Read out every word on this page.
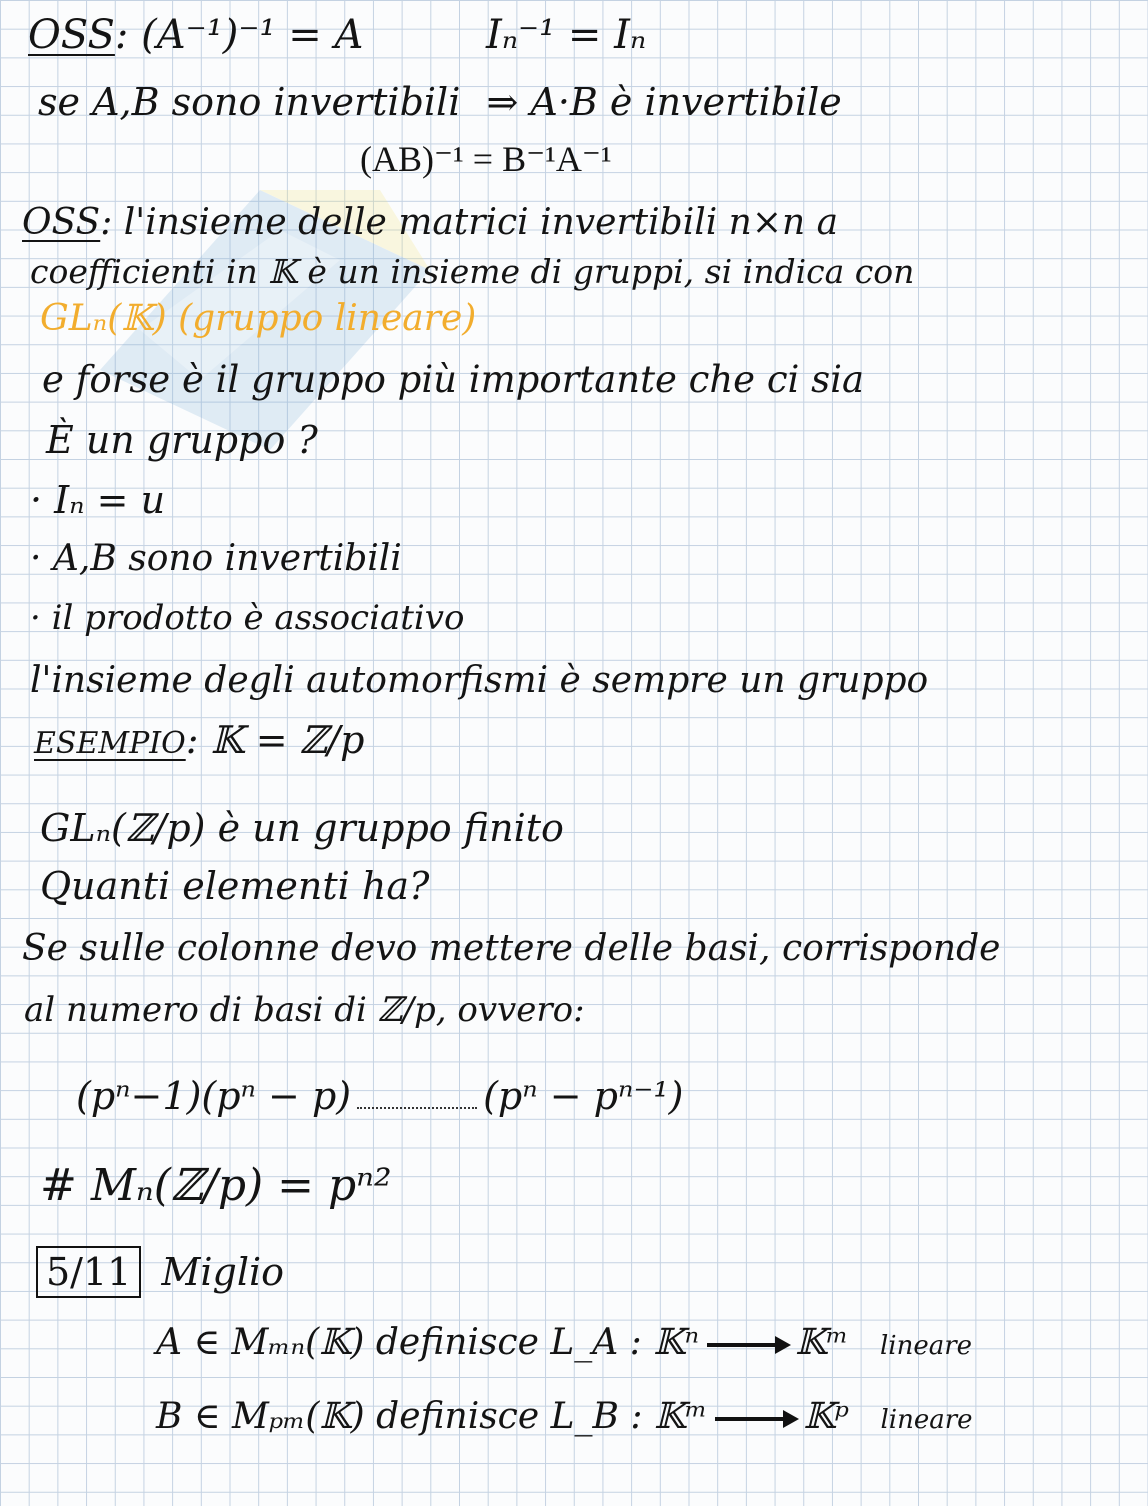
OSS: (A⁻¹)⁻¹ = A	Iₙ⁻¹ = Iₙ
se A,B sono invertibili ⇒ A·B è invertibile
(AB)⁻¹ = B⁻¹A⁻¹
OSS: l'insieme delle matrici invertibili n×n a
coefficienti in 𝕂 è un insieme di gruppi, si indica con
GLₙ(𝕂) (gruppo lineare)
e forse è il gruppo più importante che ci sia
È un gruppo ?
· Iₙ = u
· A,B sono invertibili
· il prodotto è associativo
l'insieme degli automorfismi è sempre un gruppo
ESEMPIO: 𝕂 = ℤ/p
GLₙ(ℤ/p) è un gruppo finito
Quanti elementi ha?
Se sulle colonne devo mettere delle basi, corrisponde
al numero di basi di ℤ/p, ovvero:
(pⁿ−1)(pⁿ − p)	(pⁿ − pⁿ⁻¹)
# Mₙ(ℤ/p) = pⁿ²
5/11 Miglio
A ∈ Mₘₙ(𝕂) definisce L_A : 𝕂ⁿ	𝕂ᵐ lineare
B ∈ Mₚₘ(𝕂) definisce L_B : 𝕂ᵐ	𝕂ᵖ lineare
